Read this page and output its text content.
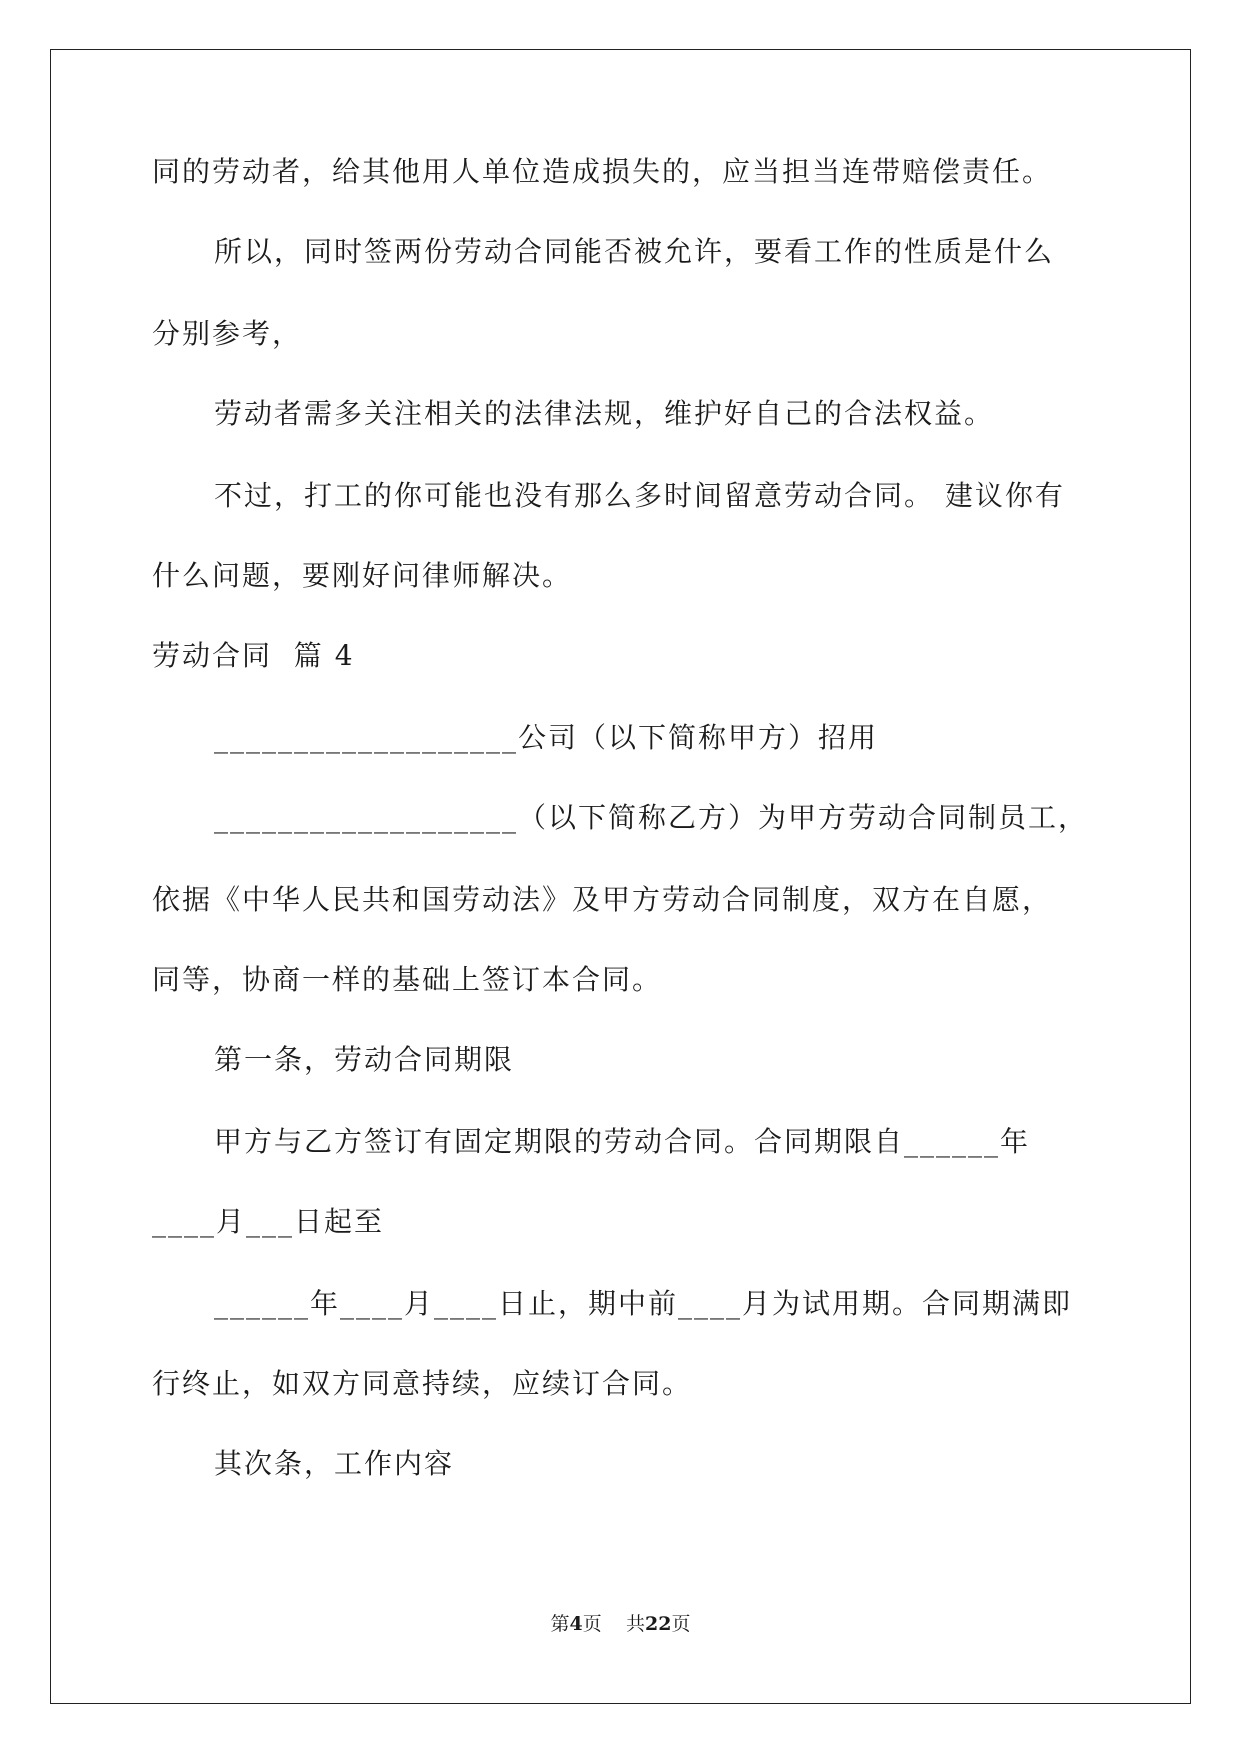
同的劳动者，给其他用人单位造成损失的，应当担当连带赔偿责任。
所以，同时签两份劳动合同能否被允许，要看工作的性质是什么
分别参考，
劳动者需多关注相关的法律法规，维护好自己的合法权益。
不过，打工的你可能也没有那么多时间留意劳动合同。 建议你有
什么问题，要刚好问律师解决。
劳动合同  篇 4
___________________公司（以下简称甲方）招用
___________________（以下简称乙方）为甲方劳动合同制员工，
依据《中华人民共和国劳动法》及甲方劳动合同制度，双方在自愿，
同等，协商一样的基础上签订本合同。
第一条，劳动合同期限
甲方与乙方签订有固定期限的劳动合同。合同期限自______年
____月___日起至
______年____月____日止，期中前____月为试用期。合同期满即
行终止，如双方同意持续，应续订合同。
其次条，工作内容
第4页 共22页
